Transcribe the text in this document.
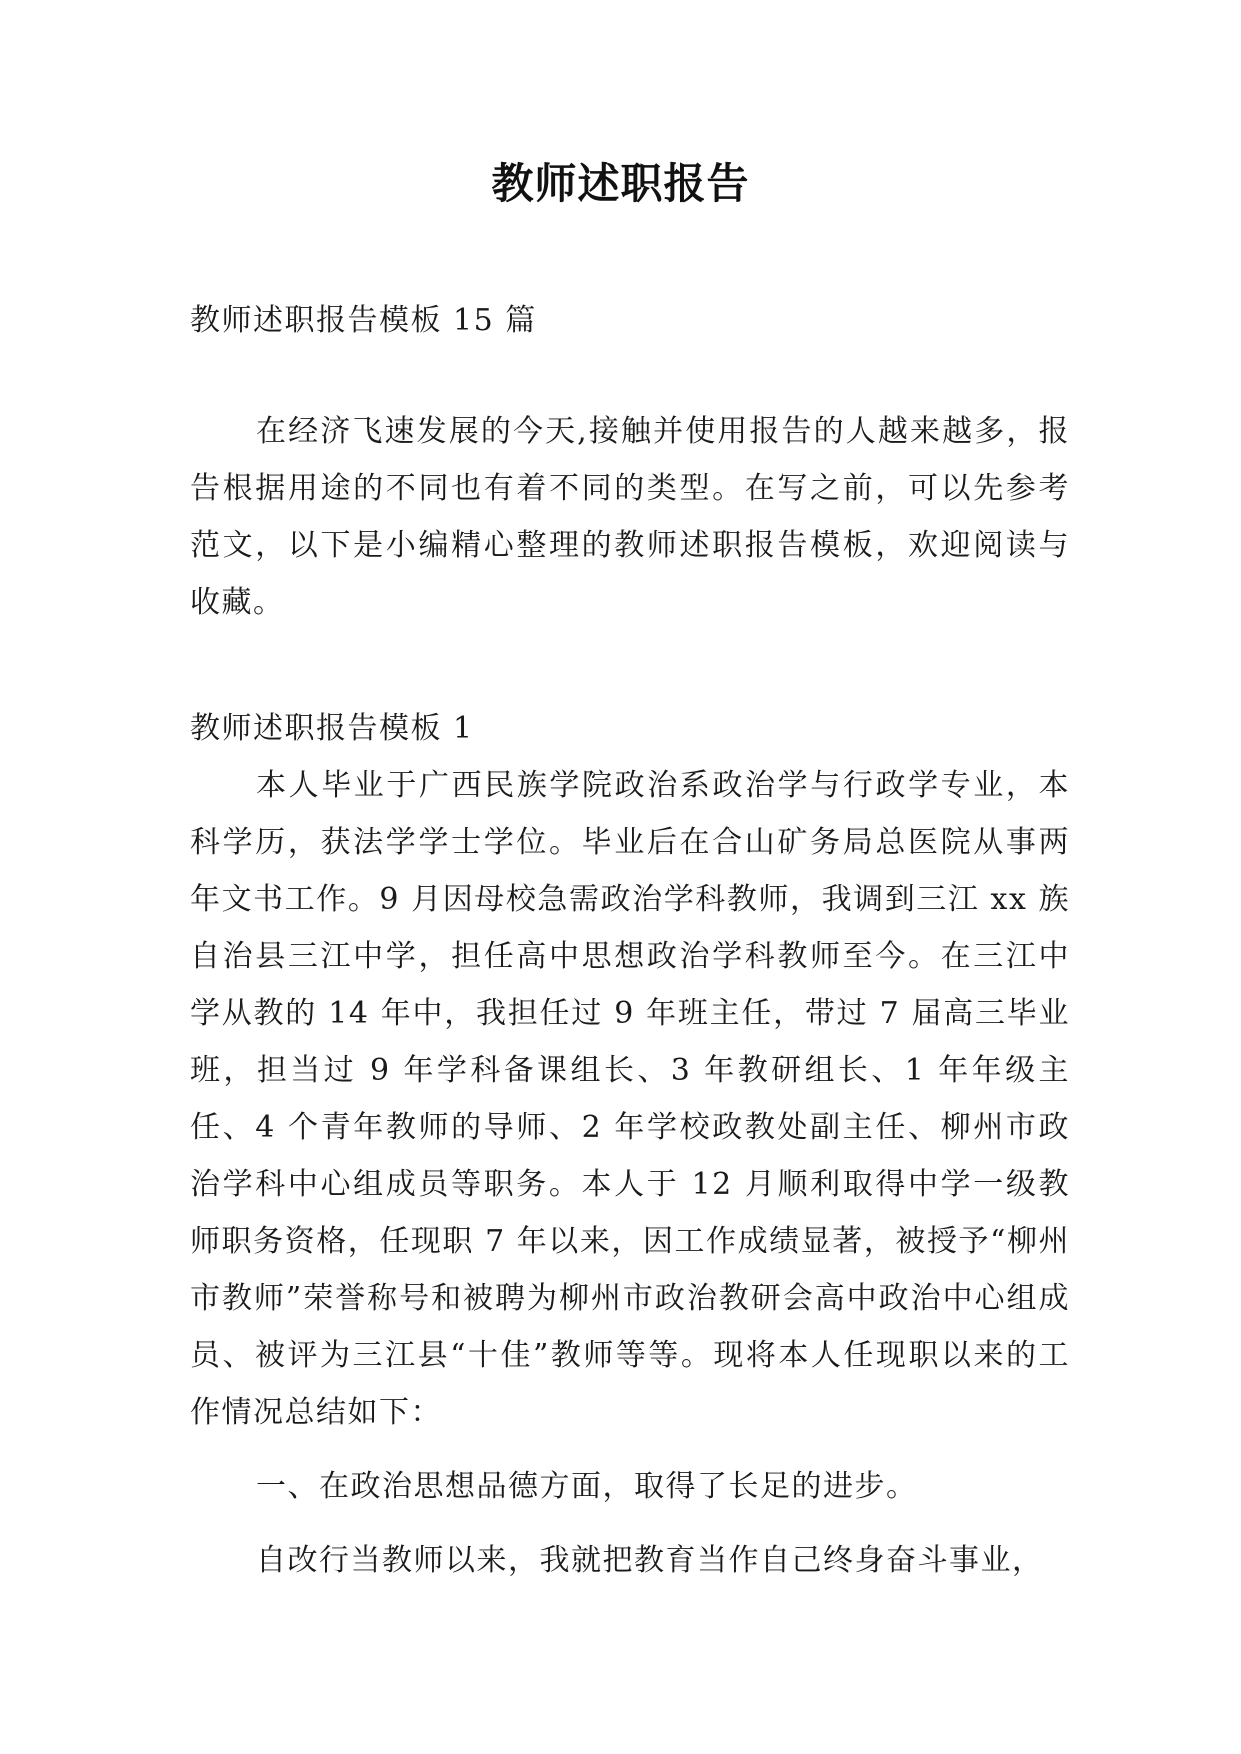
教师述职报告
教师述职报告模板 15 篇
在经济飞速发展的今天,接触并使用报告的人越来越多，报告根据用途的不同也有着不同的类型。在写之前，可以先参考范文，以下是小编精心整理的教师述职报告模板，欢迎阅读与收藏。
教师述职报告模板 1
本人毕业于广西民族学院政治系政治学与行政学专业，本科学历，获法学学士学位。毕业后在合山矿务局总医院从事两年文书工作。9 月因母校急需政治学科教师，我调到三江 xx 族自治县三江中学，担任高中思想政治学科教师至今。在三江中学从教的 14 年中，我担任过 9 年班主任，带过 7 届高三毕业班，担当过 9 年学科备课组长、3 年教研组长、1 年年级主任、4 个青年教师的导师、2 年学校政教处副主任、柳州市政治学科中心组成员等职务。本人于 12 月顺利取得中学一级教师职务资格，任现职 7 年以来，因工作成绩显著，被授予“柳州市教师”荣誉称号和被聘为柳州市政治教研会高中政治中心组成员、被评为三江县“十佳”教师等等。现将本人任现职以来的工作情况总结如下：
一、在政治思想品德方面，取得了长足的进步。
自改行当教师以来，我就把教育当作自己终身奋斗事业，
